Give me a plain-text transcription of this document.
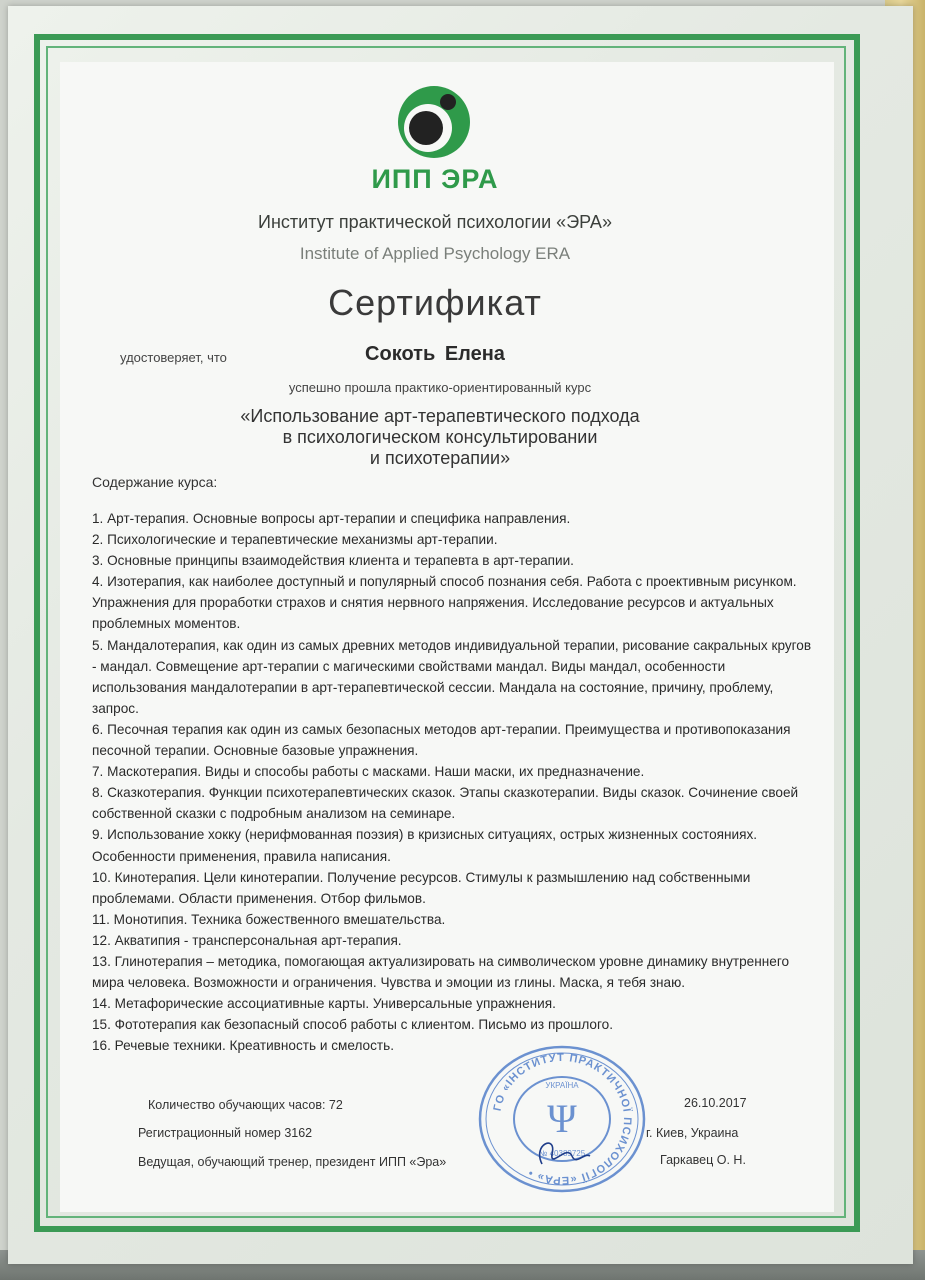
ИПП ЭРА
Институт практической психологии «ЭРА»
Institute of Applied Psychology ERA
Сертификат
удостоверяет, что	Сокоть Елена
успешно прошла практико-ориентированный курс
«Использование арт-терапевтического подхода
в психологическом консультировании
и психотерапии»
Содержание курса:
1. Арт-терапия. Основные вопросы арт-терапии и специфика направления.
2. Психологические и терапевтические механизмы арт-терапии.
3. Основные принципы взаимодействия клиента и терапевта в арт-терапии.
4. Изотерапия, как наиболее доступный и популярный способ познания себя. Работа с проективным рисунком. Упражнения для проработки страхов и снятия нервного напряжения. Исследование ресурсов и актуальных проблемных моментов.
5. Мандалотерапия, как один из самых древних методов индивидуальной терапии, рисование сакральных кругов - мандал. Совмещение арт-терапии с магическими свойствами мандал. Виды мандал, особенности использования мандалотерапии в арт-терапевтической сессии. Мандала на состояние, причину, проблему, запрос.
6. Песочная терапия как один из самых безопасных методов арт-терапии. Преимущества и противопоказания песочной терапии. Основные базовые упражнения.
7. Маскотерапия. Виды и способы работы с масками. Наши маски, их предназначение.
8. Сказкотерапия. Функции психотерапевтических сказок. Этапы сказкотерапии. Виды сказок. Сочинение своей собственной сказки с подробным анализом на семинаре.
9. Использование хокку (нерифмованная поэзия) в кризисных ситуациях, острых жизненных состояниях. Особенности применения, правила написания.
10. Кинотерапия. Цели кинотерапии. Получение ресурсов. Стимулы к размышлению над собственными проблемами. Области применения. Отбор фильмов.
11. Монотипия. Техника божественного вмешательства.
12. Акватипия - трансперсональная арт-терапия.
13. Глинотерапия – методика, помогающая актуализировать на символическом уровне динамику внутреннего мира человека. Возможности и ограничения. Чувства и эмоции из глины. Маска, я тебя знаю.
14. Метафорические ассоциативные карты. Универсальные упражнения.
15. Фототерапия как безопасный способ работы с клиентом. Письмо из прошлого.
16. Речевые техники. Креативность и смелость.
Количество обучающих часов: 72
Регистрационный номер 3162
Ведущая, обучающий тренер, президент ИПП «Эра»
26.10.2017
г. Киев, Украина
Гаркавец О. Н.
ГО «ІНСТИТУТ ПРАКТИЧНОЇ ПСИХОЛОГІЇ «ЕРА» •
УКРАЇНА
Ψ
№ 40389725
